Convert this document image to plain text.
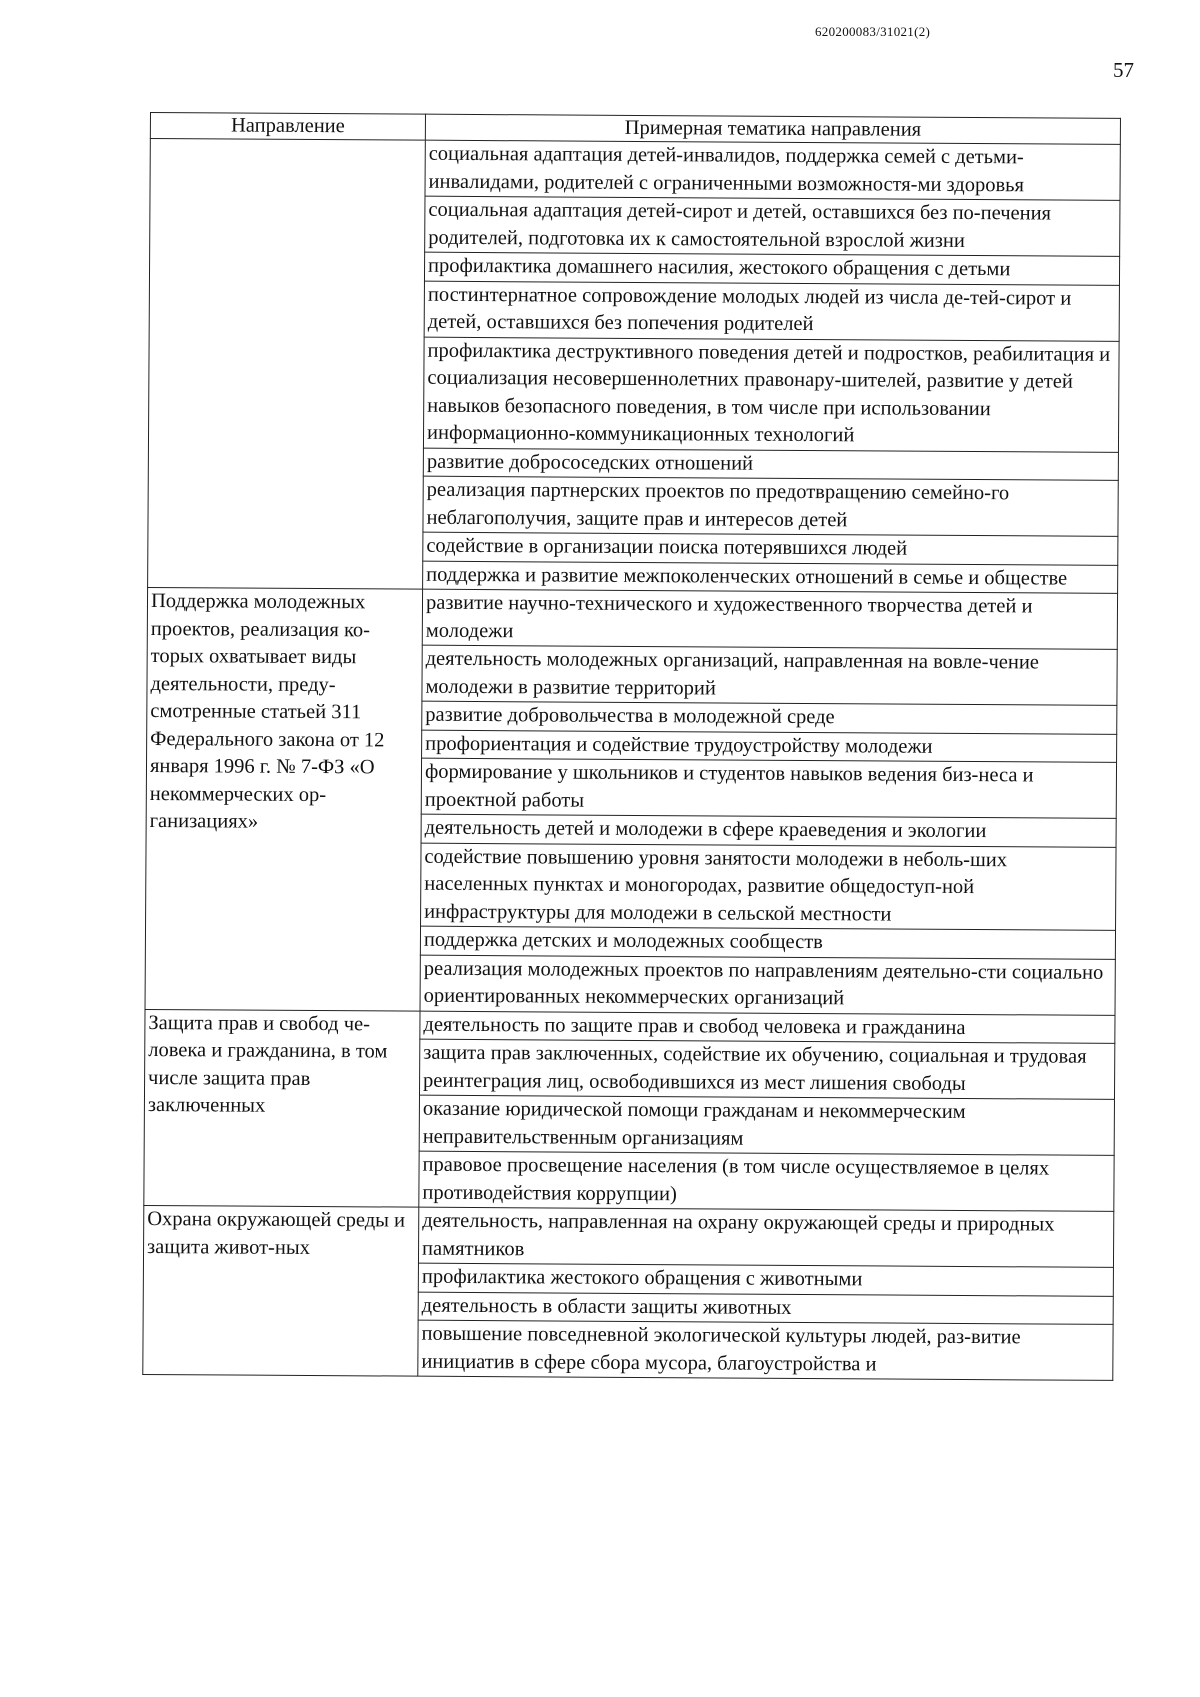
620200083/31021(2)
57
Направление	Примерная тематика направления
	социальная адаптация детей-инвалидов, поддержка семей с детьми-инвалидами, родителей с ограниченными возможностя-ми здоровья
	социальная адаптация детей-сирот и детей, оставшихся без по-печения родителей, подготовка их к самостоятельной взрослой жизни
	профилактика домашнего насилия, жестокого обращения с детьми
	постинтернатное сопровождение молодых людей из числа де-тей-сирот и детей, оставшихся без попечения родителей
	профилактика деструктивного поведения детей и подростков, реабилитация и социализация несовершеннолетних правонару-шителей, развитие у детей навыков безопасного поведения, в том числе при использовании информационно-коммуникационных технологий
	развитие добрососедских отношений
	реализация партнерских проектов по предотвращению семейно-го неблагополучия, защите прав и интересов детей
	содействие в организации поиска потерявшихся людей
	поддержка и развитие межпоколенческих отношений в семье и обществе
Поддержка молодежных проектов, реализация ко-торых охватывает виды деятельности, преду-смотренные статьей 311 Федерального закона от 12 января 1996 г. № 7-ФЗ «О некоммерческих ор-ганизациях»	развитие научно-технического и художественного творчества детей и молодежи
	деятельность молодежных организаций, направленная на вовле-чение молодежи в развитие территорий
	развитие добровольчества в молодежной среде
	профориентация и содействие трудоустройству молодежи
	формирование у школьников и студентов навыков ведения биз-неса и проектной работы
	деятельность детей и молодежи в сфере краеведения и экологии
	содействие повышению уровня занятости молодежи в неболь-ших населенных пунктах и моногородах, развитие общедоступ-ной инфраструктуры для молодежи в сельской местности
	поддержка детских и молодежных сообществ
	реализация молодежных проектов по направлениям деятельно-сти социально ориентированных некоммерческих организаций
Защита прав и свобод че-ловека и гражданина, в том числе защита прав заключенных	деятельность по защите прав и свобод человека и гражданина
	защита прав заключенных, содействие их обучению, социальная и трудовая реинтеграция лиц, освободившихся из мест лишения свободы
	оказание юридической помощи гражданам и некоммерческим неправительственным организациям
	правовое просвещение населения (в том числе осуществляемое в целях противодействия коррупции)
Охрана окружающей среды и защита живот-ных	деятельность, направленная на охрану окружающей среды и природных памятников
	профилактика жестокого обращения с животными
	деятельность в области защиты животных
	повышение повседневной экологической культуры людей, раз-витие инициатив в сфере сбора мусора, благоустройства и
